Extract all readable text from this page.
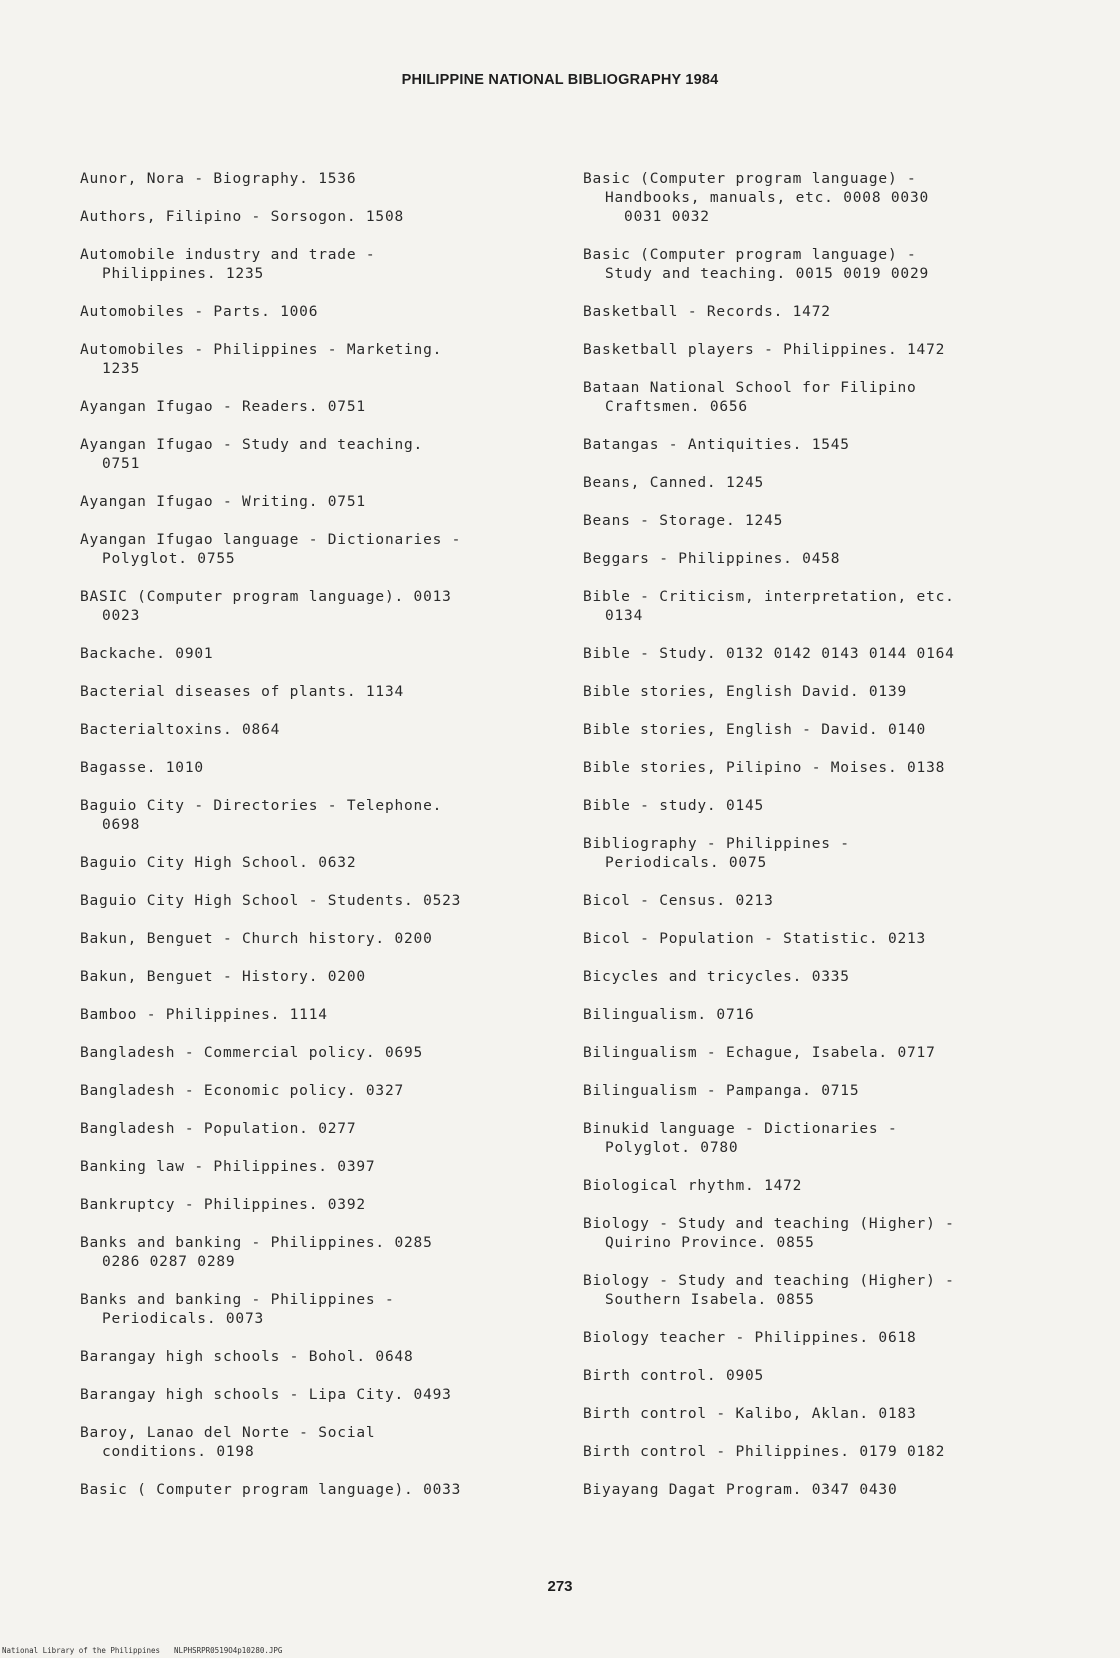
PHILIPPINE NATIONAL BIBLIOGRAPHY 1984
Aunor, Nora - Biography. 1536
Authors, Filipino - Sorsogon. 1508
Automobile industry and trade -
Philippines. 1235
Automobiles - Parts. 1006
Automobiles - Philippines - Marketing.
1235
Ayangan Ifugao - Readers. 0751
Ayangan Ifugao - Study and teaching.
0751
Ayangan Ifugao - Writing. 0751
Ayangan Ifugao language - Dictionaries -
Polyglot. 0755
BASIC (Computer program language). 0013
0023
Backache. 0901
Bacterial diseases of plants. 1134
Bacterialtoxins. 0864
Bagasse. 1010
Baguio City - Directories - Telephone.
0698
Baguio City High School. 0632
Baguio City High School - Students. 0523
Bakun, Benguet - Church history. 0200
Bakun, Benguet - History. 0200
Bamboo - Philippines. 1114
Bangladesh - Commercial policy. 0695
Bangladesh - Economic policy. 0327
Bangladesh - Population. 0277
Banking law - Philippines. 0397
Bankruptcy - Philippines. 0392
Banks and banking - Philippines. 0285
0286 0287 0289
Banks and banking - Philippines -
Periodicals. 0073
Barangay high schools - Bohol. 0648
Barangay high schools - Lipa City. 0493
Baroy, Lanao del Norte - Social
conditions. 0198
Basic ( Computer program language). 0033
Basic (Computer program language) -
Handbooks, manuals, etc. 0008 0030
0031 0032
Basic (Computer program language) -
Study and teaching. 0015 0019 0029
Basketball - Records. 1472
Basketball players - Philippines. 1472
Bataan National School for Filipino
Craftsmen. 0656
Batangas - Antiquities. 1545
Beans, Canned. 1245
Beans - Storage. 1245
Beggars - Philippines. 0458
Bible - Criticism, interpretation, etc.
0134
Bible - Study. 0132 0142 0143 0144 0164
Bible stories, English David. 0139
Bible stories, English - David. 0140
Bible stories, Pilipino - Moises. 0138
Bible - study. 0145
Bibliography - Philippines -
Periodicals. 0075
Bicol - Census. 0213
Bicol - Population - Statistic. 0213
Bicycles and tricycles. 0335
Bilingualism. 0716
Bilingualism - Echague, Isabela. 0717
Bilingualism - Pampanga. 0715
Binukid language - Dictionaries -
Polyglot. 0780
Biological rhythm. 1472
Biology - Study and teaching (Higher) -
Quirino Province. 0855
Biology - Study and teaching (Higher) -
Southern Isabela. 0855
Biology teacher - Philippines. 0618
Birth control. 0905
Birth control - Kalibo, Aklan. 0183
Birth control - Philippines. 0179 0182
Biyayang Dagat Program. 0347 0430
273
National Library of the Philippines NLPHSRPR0519O4p10280.JPG
